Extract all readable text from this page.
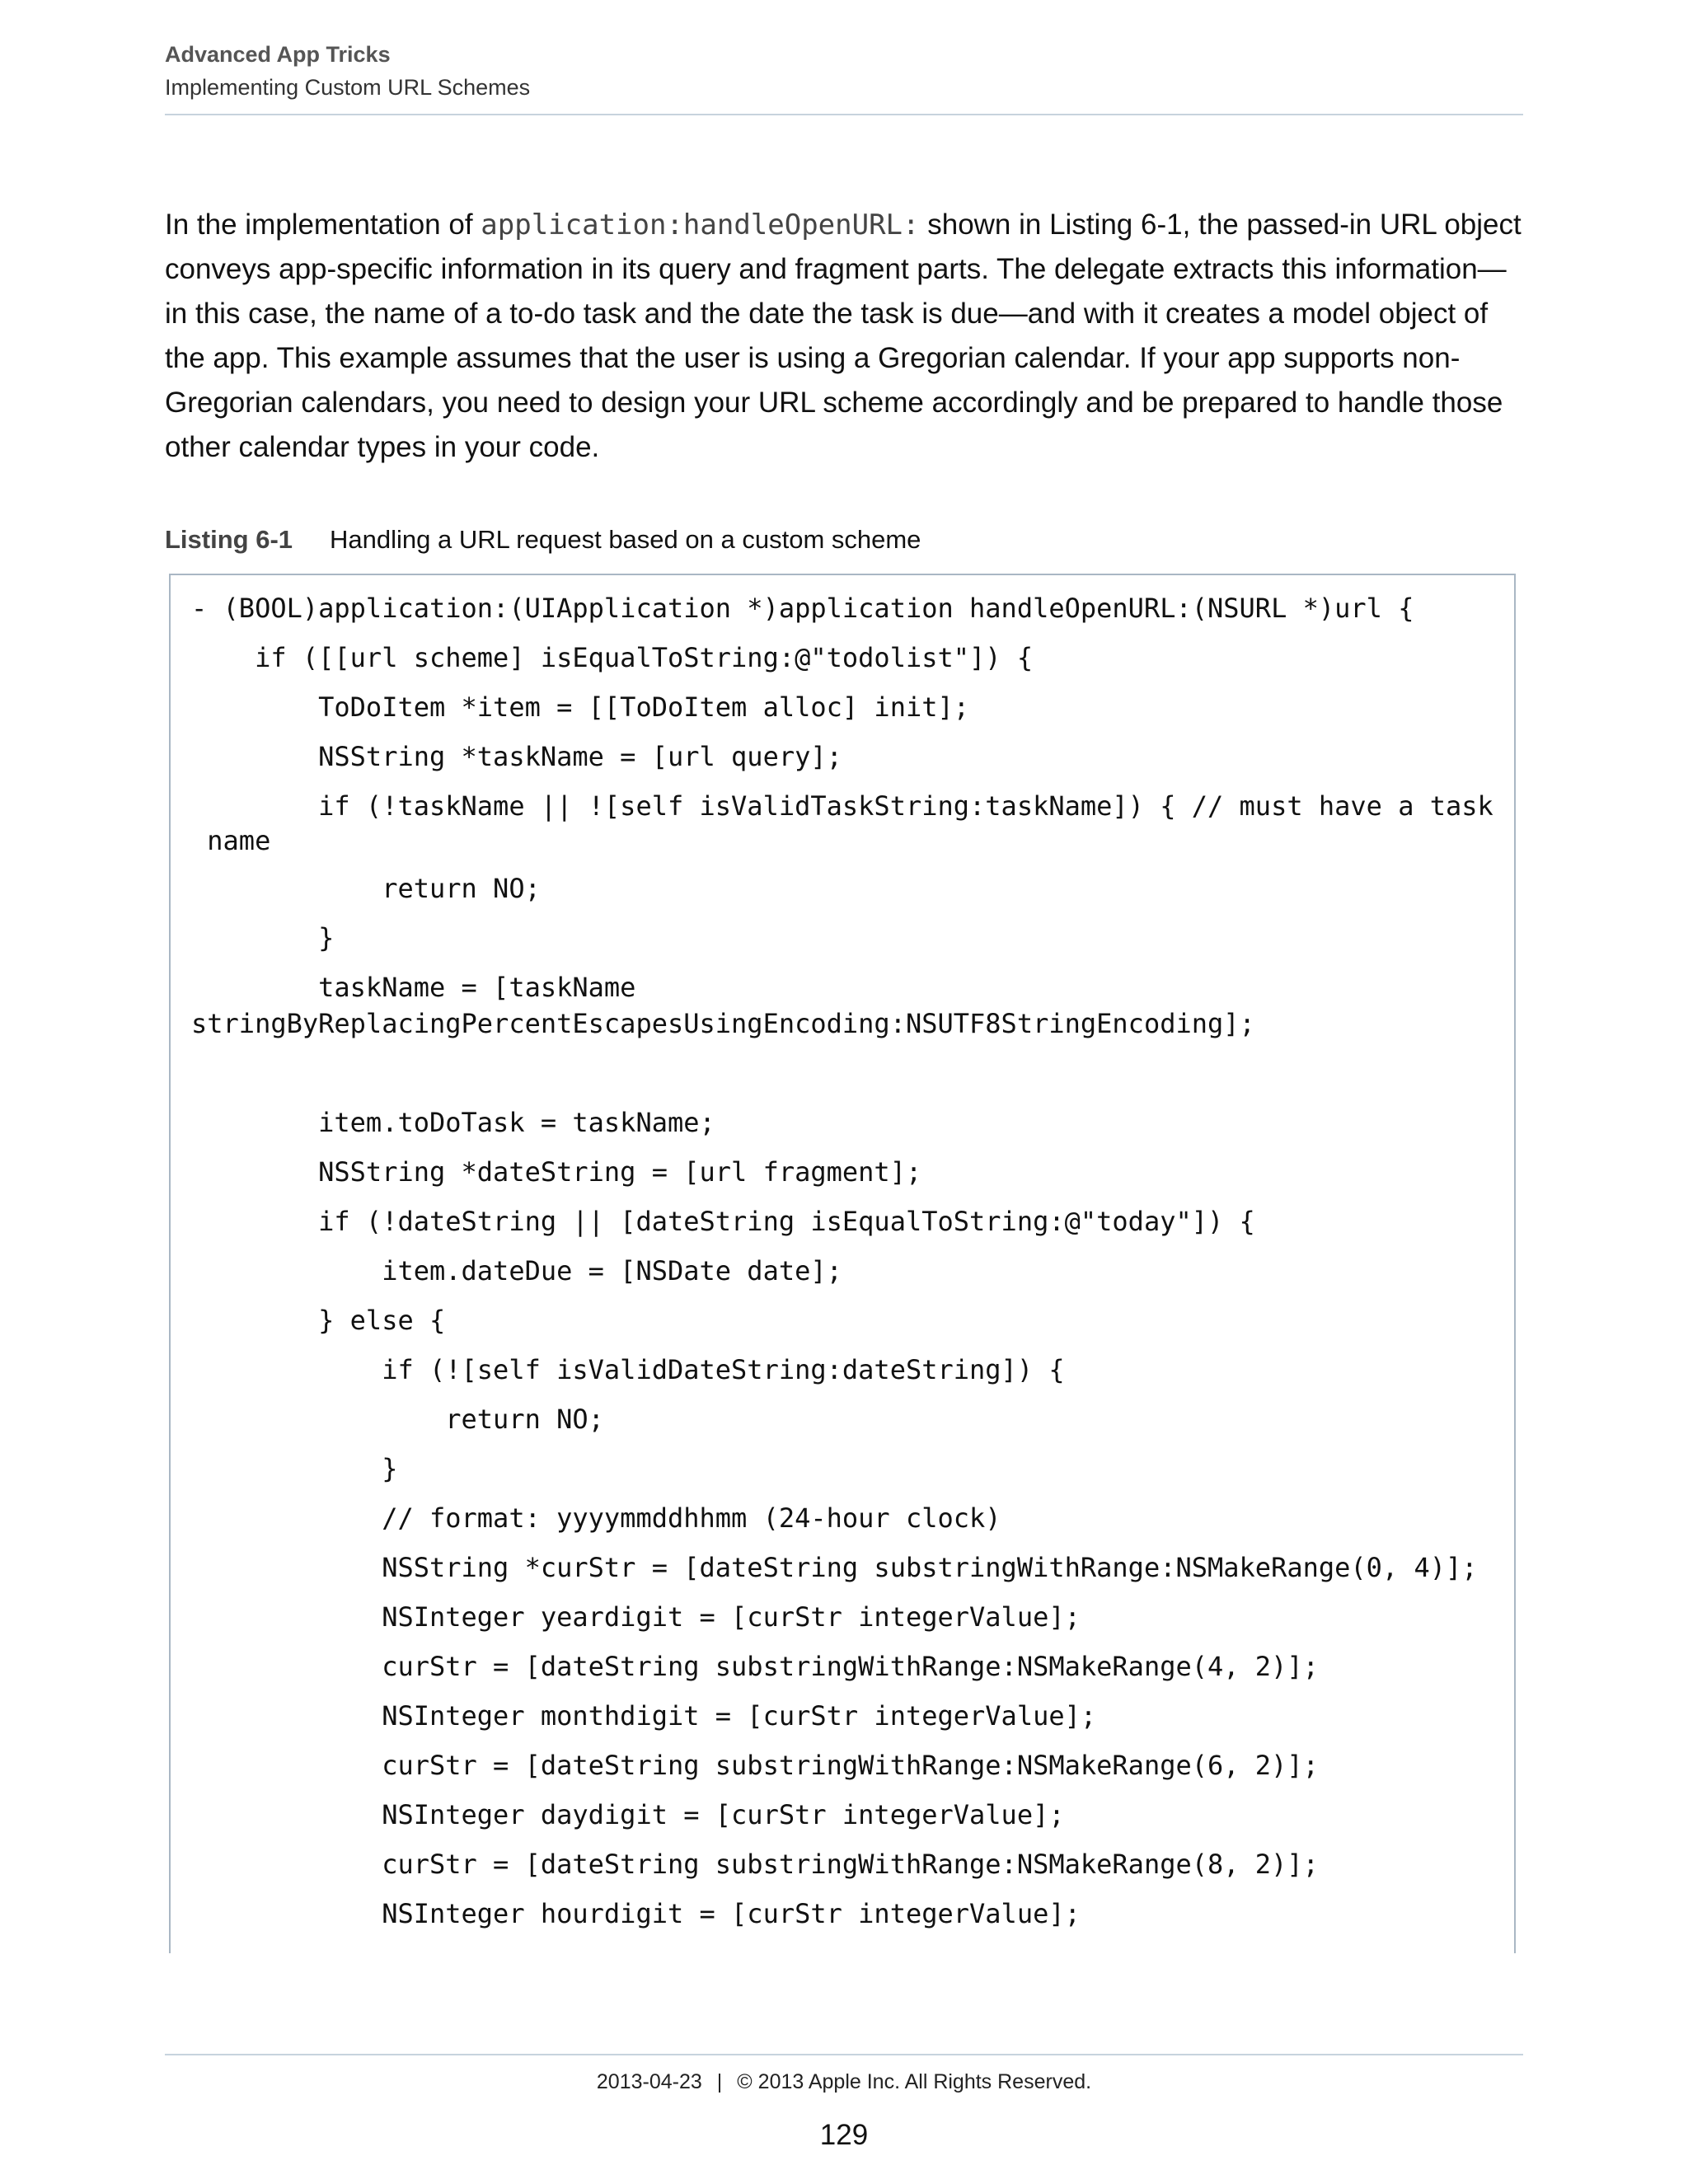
Advanced App Tricks
Implementing Custom URL Schemes

In the implementation of application:handleOpenURL: shown in Listing 6-1, the passed-in URL object conveys app-specific information in its query and fragment parts. The delegate extracts this information—in this case, the name of a to-do task and the date the task is due—and with it creates a model object of the app. This example assumes that the user is using a Gregorian calendar. If your app supports non-Gregorian calendars, you need to design your URL scheme accordingly and be prepared to handle those other calendar types in your code.

Listing 6-1 Handling a URL request based on a custom scheme
- (BOOL)application:(UIApplication *)application handleOpenURL:(NSURL *)url {
if ([[url scheme] isEqualToString:@"todolist"]) {
ToDoItem *item = [[ToDoItem alloc] init];
NSString *taskName = [url query];
if (!taskName || ![self isValidTaskString:taskName]) { // must have a task
name
return NO;
}
taskName = [taskName
stringByReplacingPercentEscapesUsingEncoding:NSUTF8StringEncoding];
item.toDoTask = taskName;
NSString *dateString = [url fragment];
if (!dateString || [dateString isEqualToString:@"today"]) {
item.dateDue = [NSDate date];
} else {
if (![self isValidDateString:dateString]) {
return NO;
}
// format: yyyymmddhhmm (24-hour clock)
NSString *curStr = [dateString substringWithRange:NSMakeRange(0, 4)];
NSInteger yeardigit = [curStr integerValue];
curStr = [dateString substringWithRange:NSMakeRange(4, 2)];
NSInteger monthdigit = [curStr integerValue];
curStr = [dateString substringWithRange:NSMakeRange(6, 2)];
NSInteger daydigit = [curStr integerValue];
curStr = [dateString substringWithRange:NSMakeRange(8, 2)];
NSInteger hourdigit = [curStr integerValue];
2013-04-23 | © 2013 Apple Inc. All Rights Reserved.
129
